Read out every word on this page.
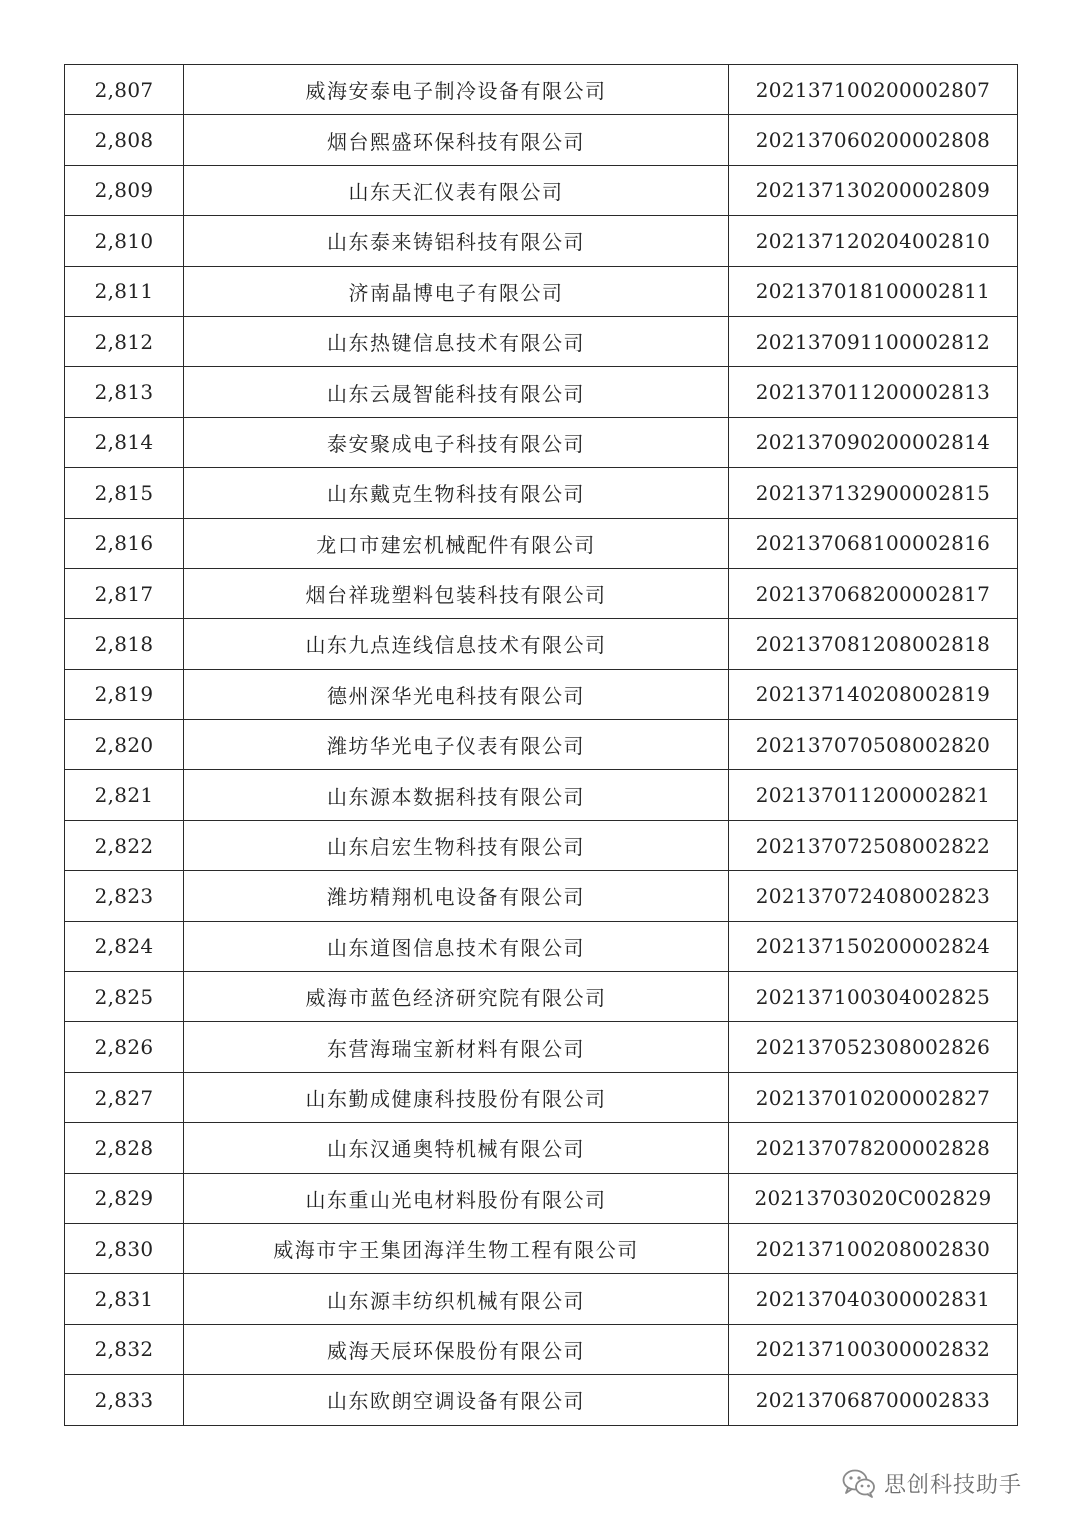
2,807	威海安泰电子制冷设备有限公司	202137100200002807
2,808	烟台熙盛环保科技有限公司	202137060200002808
2,809	山东天汇仪表有限公司	202137130200002809
2,810	山东泰来铸铝科技有限公司	202137120204002810
2,811	济南晶博电子有限公司	202137018100002811
2,812	山东热键信息技术有限公司	202137091100002812
2,813	山东云晟智能科技有限公司	202137011200002813
2,814	泰安聚成电子科技有限公司	202137090200002814
2,815	山东戴克生物科技有限公司	202137132900002815
2,816	龙口市建宏机械配件有限公司	202137068100002816
2,817	烟台祥珑塑料包装科技有限公司	202137068200002817
2,818	山东九点连线信息技术有限公司	202137081208002818
2,819	德州深华光电科技有限公司	202137140208002819
2,820	潍坊华光电子仪表有限公司	202137070508002820
2,821	山东源本数据科技有限公司	202137011200002821
2,822	山东启宏生物科技有限公司	202137072508002822
2,823	潍坊精翔机电设备有限公司	202137072408002823
2,824	山东道图信息技术有限公司	202137150200002824
2,825	威海市蓝色经济研究院有限公司	202137100304002825
2,826	东营海瑞宝新材料有限公司	202137052308002826
2,827	山东勤成健康科技股份有限公司	202137010200002827
2,828	山东汉通奥特机械有限公司	202137078200002828
2,829	山东重山光电材料股份有限公司	20213703020C002829
2,830	威海市宇王集团海洋生物工程有限公司	202137100208002830
2,831	山东源丰纺织机械有限公司	202137040300002831
2,832	威海天辰环保股份有限公司	202137100300002832
2,833	山东欧朗空调设备有限公司	202137068700002833
思创科技助手
